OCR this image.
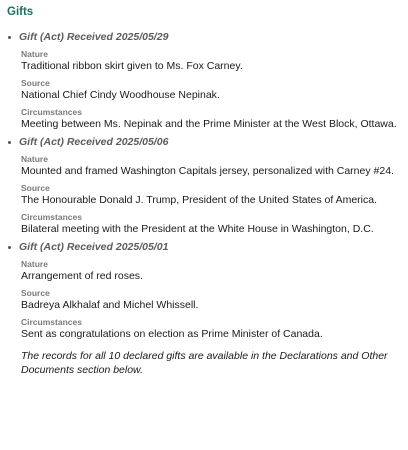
Gifts
Gift (Act) Received 2025/05/29
Nature
Traditional ribbon skirt given to Ms. Fox Carney.
Source
National Chief Cindy Woodhouse Nepinak.
Circumstances
Meeting between Ms. Nepinak and the Prime Minister at the West Block, Ottawa.
Gift (Act) Received 2025/05/06
Nature
Mounted and framed Washington Capitals jersey, personalized with Carney #24.
Source
The Honourable Donald J. Trump, President of the United States of America.
Circumstances
Bilateral meeting with the President at the White House in Washington, D.C.
Gift (Act) Received 2025/05/01
Nature
Arrangement of red roses.
Source
Badreya Alkhalaf and Michel Whissell.
Circumstances
Sent as congratulations on election as Prime Minister of Canada.
The records for all 10 declared gifts are available in the Declarations and Other Documents section below.
